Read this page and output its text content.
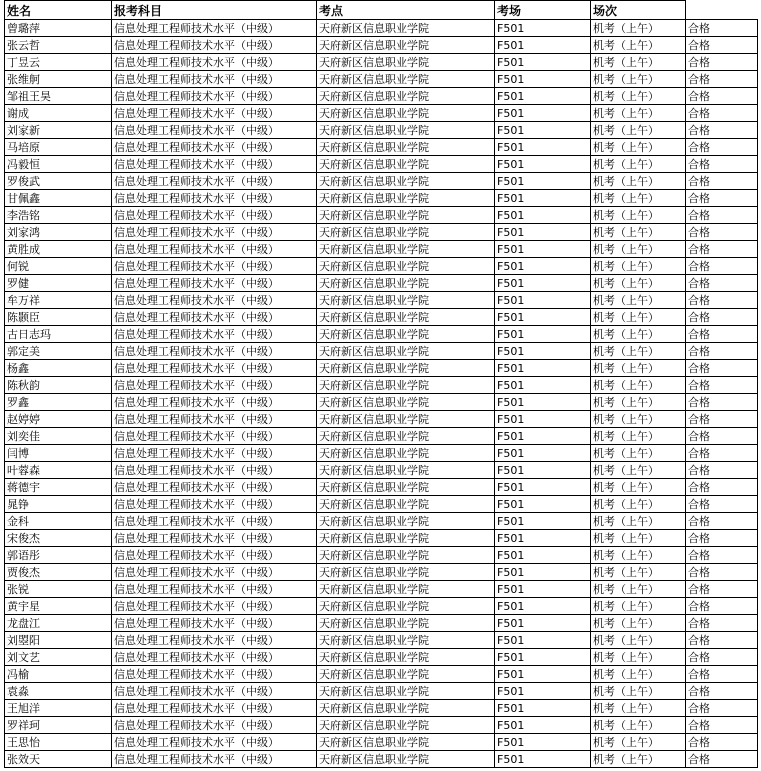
姓名	报考科目	考点	考场	场次	
曾璐萍	信息处理工程师技术水平（中级）	天府新区信息职业学院	F501	机考（上午）	合格
张云哲	信息处理工程师技术水平（中级）	天府新区信息职业学院	F501	机考（上午）	合格
丁昱云	信息处理工程师技术水平（中级）	天府新区信息职业学院	F501	机考（上午）	合格
张维舸	信息处理工程师技术水平（中级）	天府新区信息职业学院	F501	机考（上午）	合格
邹祖王昊	信息处理工程师技术水平（中级）	天府新区信息职业学院	F501	机考（上午）	合格
谢成	信息处理工程师技术水平（中级）	天府新区信息职业学院	F501	机考（上午）	合格
刘家新	信息处理工程师技术水平（中级）	天府新区信息职业学院	F501	机考（上午）	合格
马培原	信息处理工程师技术水平（中级）	天府新区信息职业学院	F501	机考（上午）	合格
冯毅恒	信息处理工程师技术水平（中级）	天府新区信息职业学院	F501	机考（上午）	合格
罗俊武	信息处理工程师技术水平（中级）	天府新区信息职业学院	F501	机考（上午）	合格
甘佩鑫	信息处理工程师技术水平（中级）	天府新区信息职业学院	F501	机考（上午）	合格
李浩铭	信息处理工程师技术水平（中级）	天府新区信息职业学院	F501	机考（上午）	合格
刘家鸿	信息处理工程师技术水平（中级）	天府新区信息职业学院	F501	机考（上午）	合格
黄胜成	信息处理工程师技术水平（中级）	天府新区信息职业学院	F501	机考（上午）	合格
何锐	信息处理工程师技术水平（中级）	天府新区信息职业学院	F501	机考（上午）	合格
罗健	信息处理工程师技术水平（中级）	天府新区信息职业学院	F501	机考（上午）	合格
牟万祥	信息处理工程师技术水平（中级）	天府新区信息职业学院	F501	机考（上午）	合格
陈颢臣	信息处理工程师技术水平（中级）	天府新区信息职业学院	F501	机考（上午）	合格
古日志玛	信息处理工程师技术水平（中级）	天府新区信息职业学院	F501	机考（上午）	合格
郭定美	信息处理工程师技术水平（中级）	天府新区信息职业学院	F501	机考（上午）	合格
杨鑫	信息处理工程师技术水平（中级）	天府新区信息职业学院	F501	机考（上午）	合格
陈秋韵	信息处理工程师技术水平（中级）	天府新区信息职业学院	F501	机考（上午）	合格
罗鑫	信息处理工程师技术水平（中级）	天府新区信息职业学院	F501	机考（上午）	合格
赵婷婷	信息处理工程师技术水平（中级）	天府新区信息职业学院	F501	机考（上午）	合格
刘奕佳	信息处理工程师技术水平（中级）	天府新区信息职业学院	F501	机考（上午）	合格
闫博	信息处理工程师技术水平（中级）	天府新区信息职业学院	F501	机考（上午）	合格
叶蓉森	信息处理工程师技术水平（中级）	天府新区信息职业学院	F501	机考（上午）	合格
蒋德宇	信息处理工程师技术水平（中级）	天府新区信息职业学院	F501	机考（上午）	合格
晁铮	信息处理工程师技术水平（中级）	天府新区信息职业学院	F501	机考（上午）	合格
金科	信息处理工程师技术水平（中级）	天府新区信息职业学院	F501	机考（上午）	合格
宋俊杰	信息处理工程师技术水平（中级）	天府新区信息职业学院	F501	机考（上午）	合格
郭语彤	信息处理工程师技术水平（中级）	天府新区信息职业学院	F501	机考（上午）	合格
贾俊杰	信息处理工程师技术水平（中级）	天府新区信息职业学院	F501	机考（上午）	合格
张锐	信息处理工程师技术水平（中级）	天府新区信息职业学院	F501	机考（上午）	合格
黄宇星	信息处理工程师技术水平（中级）	天府新区信息职业学院	F501	机考（上午）	合格
龙盘江	信息处理工程师技术水平（中级）	天府新区信息职业学院	F501	机考（上午）	合格
刘曌阳	信息处理工程师技术水平（中级）	天府新区信息职业学院	F501	机考（上午）	合格
刘文艺	信息处理工程师技术水平（中级）	天府新区信息职业学院	F501	机考（上午）	合格
冯榆	信息处理工程师技术水平（中级）	天府新区信息职业学院	F501	机考（上午）	合格
袁淼	信息处理工程师技术水平（中级）	天府新区信息职业学院	F501	机考（上午）	合格
王旭洋	信息处理工程师技术水平（中级）	天府新区信息职业学院	F501	机考（上午）	合格
罗祥珂	信息处理工程师技术水平（中级）	天府新区信息职业学院	F501	机考（上午）	合格
王思怡	信息处理工程师技术水平（中级）	天府新区信息职业学院	F501	机考（上午）	合格
张效天	信息处理工程师技术水平（中级）	天府新区信息职业学院	F501	机考（上午）	合格
